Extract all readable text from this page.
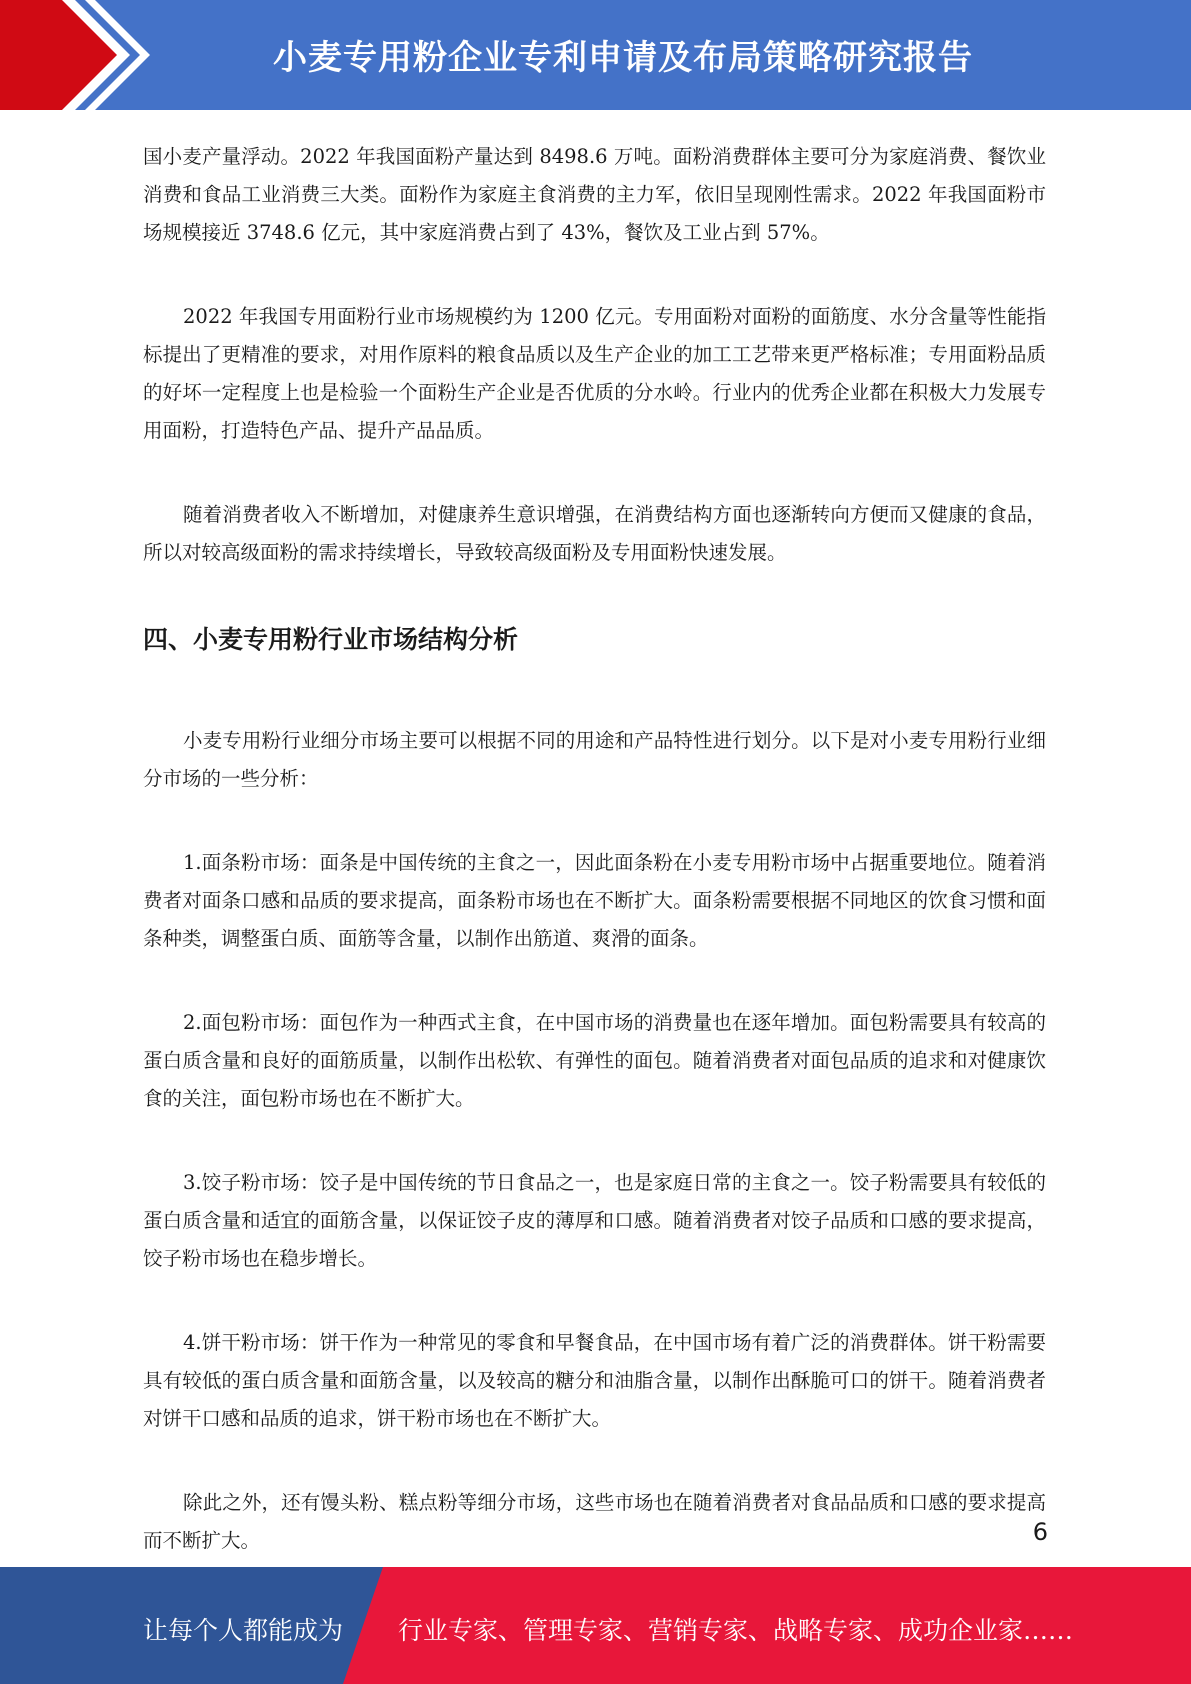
小麦专用粉企业专利申请及布局策略研究报告

国小麦产量浮动。2022 年我国面粉产量达到 8498.6 万吨。面粉消费群体主要可分为家庭消费、餐饮业消费和食品工业消费三大类。面粉作为家庭主食消费的主力军，依旧呈现刚性需求。2022 年我国面粉市场规模接近 3748.6 亿元，其中家庭消费占到了 43%，餐饮及工业占到 57%。

2022 年我国专用面粉行业市场规模约为 1200 亿元。专用面粉对面粉的面筋度、水分含量等性能指标提出了更精准的要求，对用作原料的粮食品质以及生产企业的加工工艺带来更严格标准；专用面粉品质的好坏一定程度上也是检验一个面粉生产企业是否优质的分水岭。行业内的优秀企业都在积极大力发展专用面粉，打造特色产品、提升产品品质。

随着消费者收入不断增加，对健康养生意识增强，在消费结构方面也逐渐转向方便而又健康的食品，所以对较高级面粉的需求持续增长，导致较高级面粉及专用面粉快速发展。

四、小麦专用粉行业市场结构分析

小麦专用粉行业细分市场主要可以根据不同的用途和产品特性进行划分。以下是对小麦专用粉行业细分市场的一些分析：

1.面条粉市场：面条是中国传统的主食之一，因此面条粉在小麦专用粉市场中占据重要地位。随着消费者对面条口感和品质的要求提高，面条粉市场也在不断扩大。面条粉需要根据不同地区的饮食习惯和面条种类，调整蛋白质、面筋等含量，以制作出筋道、爽滑的面条。

2.面包粉市场：面包作为一种西式主食，在中国市场的消费量也在逐年增加。面包粉需要具有较高的蛋白质含量和良好的面筋质量，以制作出松软、有弹性的面包。随着消费者对面包品质的追求和对健康饮食的关注，面包粉市场也在不断扩大。

3.饺子粉市场：饺子是中国传统的节日食品之一，也是家庭日常的主食之一。饺子粉需要具有较低的蛋白质含量和适宜的面筋含量，以保证饺子皮的薄厚和口感。随着消费者对饺子品质和口感的要求提高，饺子粉市场也在稳步增长。

4.饼干粉市场：饼干作为一种常见的零食和早餐食品，在中国市场有着广泛的消费群体。饼干粉需要具有较低的蛋白质含量和面筋含量，以及较高的糖分和油脂含量，以制作出酥脆可口的饼干。随着消费者对饼干口感和品质的追求，饼干粉市场也在不断扩大。

除此之外，还有馒头粉、糕点粉等细分市场，这些市场也在随着消费者对食品品质和口感的要求提高而不断扩大。	6
让每个人都能成为 行业专家、管理专家、营销专家、战略专家、成功企业家……
